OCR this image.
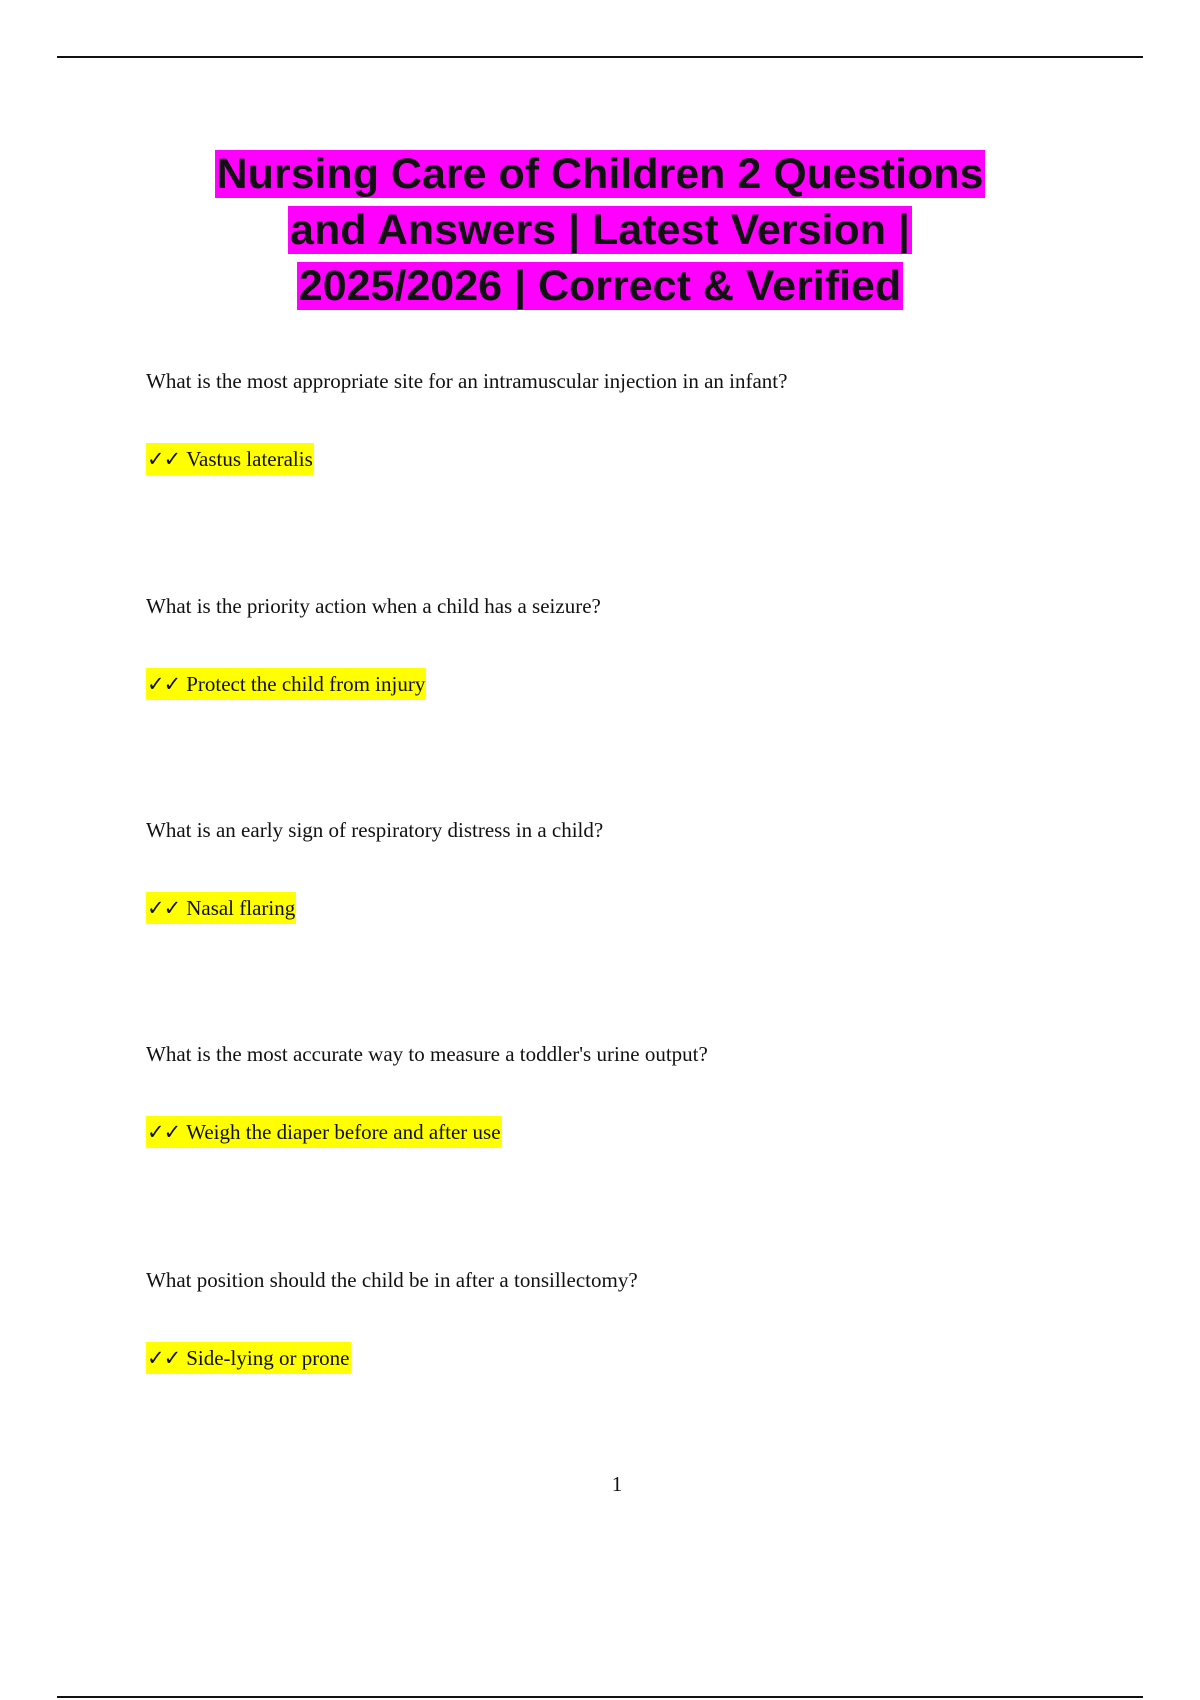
Nursing Care of Children 2 Questions
and Answers | Latest Version |
2025/2026 | Correct & Verified
What is the most appropriate site for an intramuscular injection in an infant?
✓✓ Vastus lateralis
What is the priority action when a child has a seizure?
✓✓ Protect the child from injury
What is an early sign of respiratory distress in a child?
✓✓ Nasal flaring
What is the most accurate way to measure a toddler's urine output?
✓✓ Weigh the diaper before and after use
What position should the child be in after a tonsillectomy?
✓✓ Side-lying or prone
1
